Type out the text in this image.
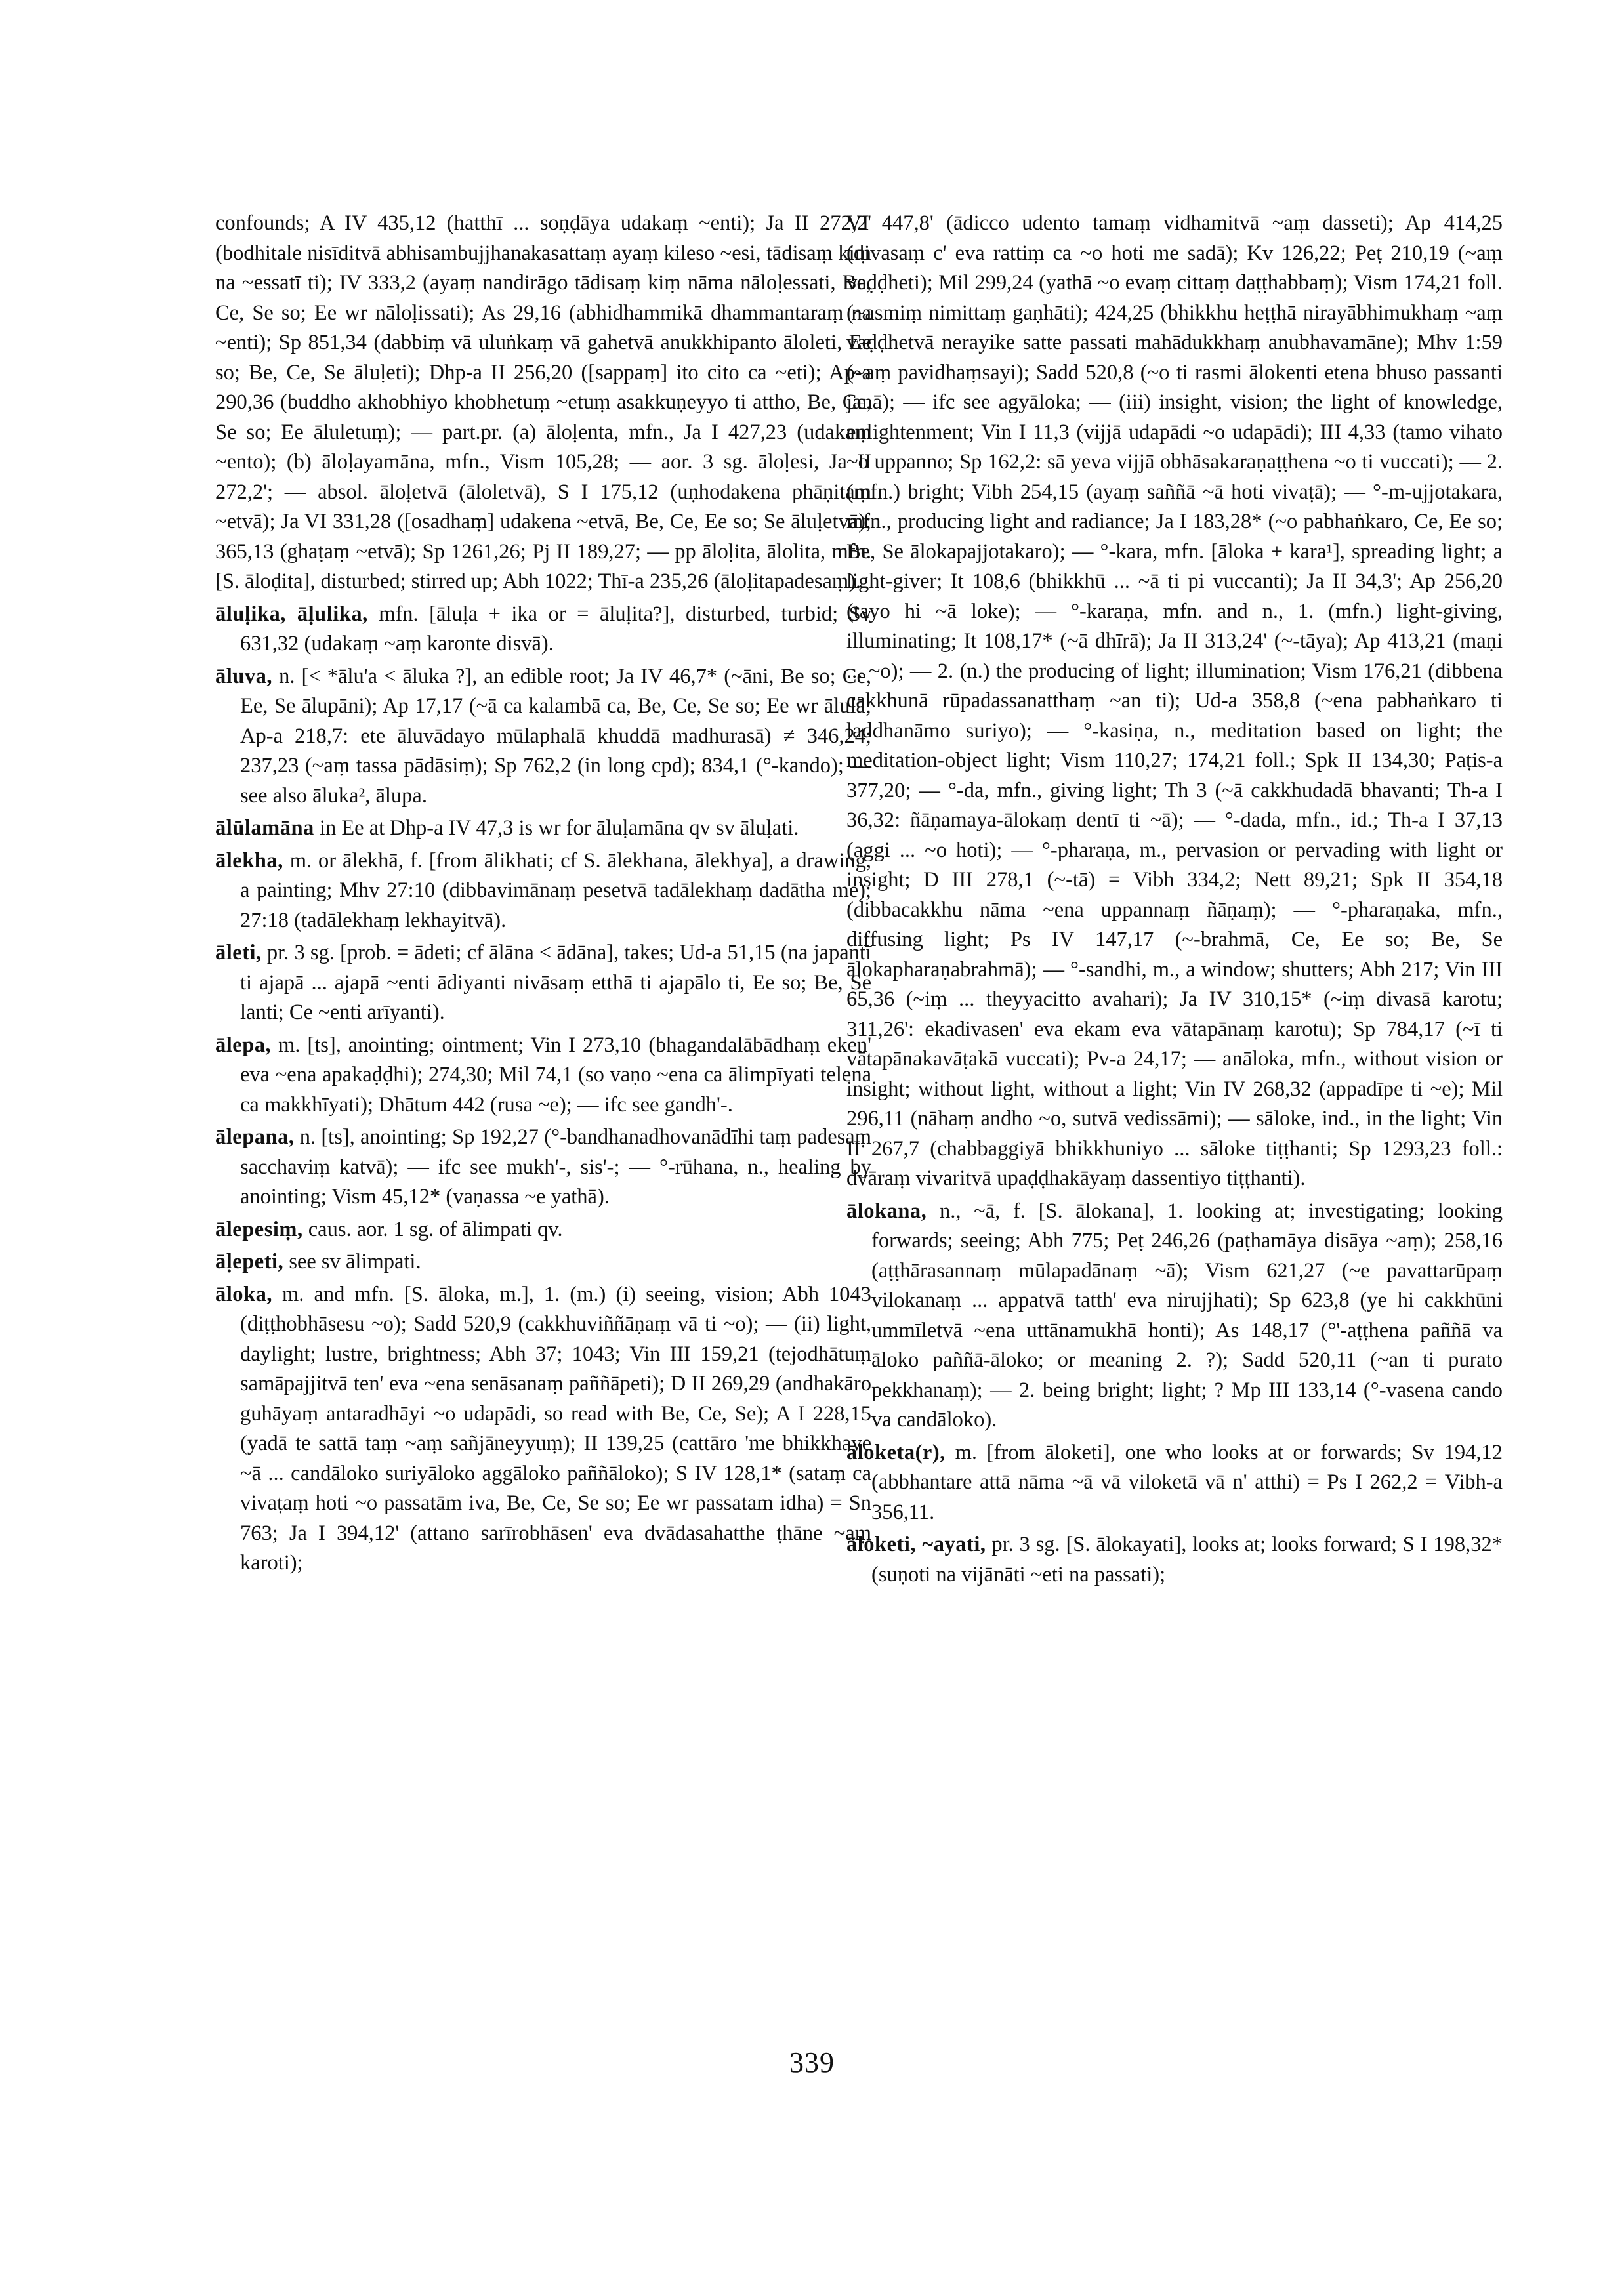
confounds; A IV 435,12 (hatthī ... soṇḍāya udakaṃ ~enti); Ja II 272,2' (bodhitale nisīditvā abhisambujjhanakasattaṃ ayaṃ kileso ~esi, tādisaṃ kiṃ na ~essatī ti); IV 333,2 (ayaṃ nandirāgo tādisaṃ kiṃ nāma nāloḷessati, Be, Ce, Se so; Ee wr nāloḷissati); As 29,16 (abhidhammikā dhammantaraṃ na ~enti); Sp 851,34 (dabbiṃ vā uluṅkaṃ vā gahetvā anukkhipanto āloleti, Ee so; Be, Ce, Se āluḷeti); Dhp-a II 256,20 ([sappaṃ] ito cito ca ~eti); Ap-a 290,36 (buddho akhobhiyo khobhetuṃ ~etuṃ asakkuṇeyyo ti attho, Be, Ce, Se so; Ee āluletuṃ); — part.pr. (a) āloḷenta, mfn., Ja I 427,23 (udakaṃ ~ento); (b) āloḷayamāna, mfn., Vism 105,28; — aor. 3 sg. āloḷesi, Ja II 272,2'; — absol. āloḷetvā (āloletvā), S I 175,12 (uṇhodakena phāṇitaṃ ~etvā); Ja VI 331,28 ([osadhaṃ] udakena ~etvā, Be, Ce, Ee so; Se āluḷetvā); 365,13 (ghaṭaṃ ~etvā); Sp 1261,26; Pj II 189,27; — pp āloḷita, ālolita, mfn. [S. āloḍita], disturbed; stirred up; Abh 1022; Thī-a 235,26 (āloḷitapadesaṃ).

āluḷika, āḷulika, mfn. [āluḷa + ika or = āluḷita?], disturbed, turbid; Sv 631,32 (udakaṃ ~aṃ karonte disvā).

āluva, n. [< *ālu'a < āluka ?], an edible root; Ja IV 46,7* (~āni, Be so; Ce, Ee, Se ālupāni); Ap 17,17 (~ā ca kalambā ca, Be, Ce, Se so; Ee wr ālulā; Ap-a 218,7: ete āluvādayo mūlaphalā khuddā madhurasā) ≠ 346,24; 237,23 (~aṃ tassa pādāsiṃ); Sp 762,2 (in long cpd); 834,1 (°-kando); — see also āluka², ālupa.

ālūlamāna in Ee at Dhp-a IV 47,3 is wr for āluḷamāna qv sv āluḷati.

ālekha, m. or ālekhā, f. [from ālikhati; cf S. ālekhana, ālekhya], a drawing, a painting; Mhv 27:10 (dibbavimānaṃ pesetvā tadālekhaṃ dadātha me); 27:18 (tadālekhaṃ lekhayitvā).

āleti, pr. 3 sg. [prob. = ādeti; cf ālāna < ādāna], takes; Ud-a 51,15 (na japantī ti ajapā ... ajapā ~enti ādiyanti nivāsaṃ etthā ti ajapālo ti, Ee so; Be, Se lanti; Ce ~enti arīyanti).

ālepa, m. [ts], anointing; ointment; Vin I 273,10 (bhagandalābādhaṃ eken' eva ~ena apakaḍḍhi); 274,30; Mil 74,1 (so vaṇo ~ena ca ālimpīyati telena ca makkhīyati); Dhātum 442 (rusa ~e); — ifc see gandh'-.

ālepana, n. [ts], anointing; Sp 192,27 (°-bandhanadhovanādīhi taṃ padesaṃ sacchaviṃ katvā); — ifc see mukh'-, sis'-; — °-rūhana, n., healing by anointing; Vism 45,12* (vaṇassa ~e yathā).

ālepesiṃ, caus. aor. 1 sg. of ālimpati qv.

āḷepeti, see sv ālimpati.

āloka, m. and mfn. [S. āloka, m.], 1. (m.) (i) seeing, vision; Abh 1043 (diṭṭhobhāsesu ~o); Sadd 520,9 (cakkhuviññāṇaṃ vā ti ~o); — (ii) light, daylight; lustre, brightness; Abh 37; 1043; Vin III 159,21 (tejodhātuṃ samāpajjitvā ten' eva ~ena senāsanaṃ paññāpeti); D II 269,29 (andhakāro guhāyaṃ antaradhāyi ~o udapādi, so read with Be, Ce, Se); A I 228,15 (yadā te sattā taṃ ~aṃ sañjāneyyuṃ); II 139,25 (cattāro 'me bhikkhave ~ā ... candāloko suriyāloko aggāloko paññāloko); S IV 128,1* (sataṃ ca vivaṭaṃ hoti ~o passatām iva, Be, Ce, Se so; Ee wr passatam idha) = Sn 763; Ja I 394,12' (attano sarīrobhāsen' eva dvādasahatthe ṭhāne ~aṃ karoti);

VI 447,8' (ādicco udento tamaṃ vidhamitvā ~aṃ dasseti); Ap 414,25 (divasaṃ c' eva rattiṃ ca ~o hoti me sadā); Kv 126,22; Peṭ 210,19 (~aṃ vaḍḍheti); Mil 299,24 (yathā ~o evaṃ cittaṃ daṭṭhabbaṃ); Vism 174,21 foll. (~asmiṃ nimittaṃ gaṇhāti); 424,25 (bhikkhu heṭṭhā nirayābhimukhaṃ ~aṃ vaḍḍhetvā nerayike satte passati mahādukkhaṃ anubhavamāne); Mhv 1:59 (~aṃ pavidhaṃsayi); Sadd 520,8 (~o ti rasmi ālokenti etena bhuso passanti janā); — ifc see agyāloka; — (iii) insight, vision; the light of knowledge, enlightenment; Vin I 11,3 (vijjā udapādi ~o udapādi); III 4,33 (tamo vihato ~o uppanno; Sp 162,2: sā yeva vijjā obhāsakaraṇaṭṭhena ~o ti vuccati); — 2. (mfn.) bright; Vibh 254,15 (ayaṃ saññā ~ā hoti vivaṭā); — °-m-ujjotakara, mfn., producing light and radiance; Ja I 183,28* (~o pabhaṅkaro, Ce, Ee so; Be, Se ālokapajjotakaro); — °-kara, mfn. [āloka + kara¹], spreading light; a light-giver; It 108,6 (bhikkhū ... ~ā ti pi vuccanti); Ja II 34,3'; Ap 256,20 (tayo hi ~ā loke); — °-karaṇa, mfn. and n., 1. (mfn.) light-giving, illuminating; It 108,17* (~ā dhīrā); Ja II 313,24' (~-tāya); Ap 413,21 (maṇi ... ~o); — 2. (n.) the producing of light; illumination; Vism 176,21 (dibbena cakkhunā rūpadassanatthaṃ ~an ti); Ud-a 358,8 (~ena pabhaṅkaro ti laddhanāmo suriyo); — °-kasiṇa, n., meditation based on light; the meditation-object light; Vism 110,27; 174,21 foll.; Spk II 134,30; Paṭis-a 377,20; — °-da, mfn., giving light; Th 3 (~ā cakkhudadā bhavanti; Th-a I 36,32: ñāṇamaya-ālokaṃ dentī ti ~ā); — °-dada, mfn., id.; Th-a I 37,13 (aggi ... ~o hoti); — °-pharaṇa, m., pervasion or pervading with light or insight; D III 278,1 (~-tā) = Vibh 334,2; Nett 89,21; Spk II 354,18 (dibbacakkhu nāma ~ena uppannaṃ ñāṇaṃ); — °-pharaṇaka, mfn., diffusing light; Ps IV 147,17 (~-brahmā, Ce, Ee so; Be, Se ālokapharaṇabrahmā); — °-sandhi, m., a window; shutters; Abh 217; Vin III 65,36 (~iṃ ... theyyacitto avahari); Ja IV 310,15* (~iṃ divasā karotu; 311,26': ekadivasen' eva ekam eva vātapānaṃ karotu); Sp 784,17 (~ī ti vātapānakavāṭakā vuccati); Pv-a 24,17; — anāloka, mfn., without vision or insight; without light, without a light; Vin IV 268,32 (appadīpe ti ~e); Mil 296,11 (nāhaṃ andho ~o, sutvā vedissāmi); — sāloke, ind., in the light; Vin II 267,7 (chabbaggiyā bhikkhuniyo ... sāloke tiṭṭhanti; Sp 1293,23 foll.: dvāraṃ vivaritvā upaḍḍhakāyaṃ dassentiyo tiṭṭhanti).

ālokana, n., ~ā, f. [S. ālokana], 1. looking at; investigating; looking forwards; seeing; Abh 775; Peṭ 246,26 (paṭhamāya disāya ~aṃ); 258,16 (aṭṭhārasannaṃ mūlapadānaṃ ~ā); Vism 621,27 (~e pavattarūpaṃ vilokanaṃ ... appatvā tatth' eva nirujjhati); Sp 623,8 (ye hi cakkhūni ummīletvā ~ena uttānamukhā honti); As 148,17 (°'-aṭṭhena paññā va āloko paññā-āloko; or meaning 2. ?); Sadd 520,11 (~an ti purato pekkhanaṃ); — 2. being bright; light; ? Mp III 133,14 (°-vasena cando va candāloko).

āloketa(r), m. [from āloketi], one who looks at or forwards; Sv 194,12 (abbhantare attā nāma ~ā vā viloketā vā n' atthi) = Ps I 262,2 = Vibh-a 356,11.

āloketi, ~ayati, pr. 3 sg. [S. ālokayati], looks at; looks forward; S I 198,32* (suṇoti na vijānāti ~eti na passati);

339
